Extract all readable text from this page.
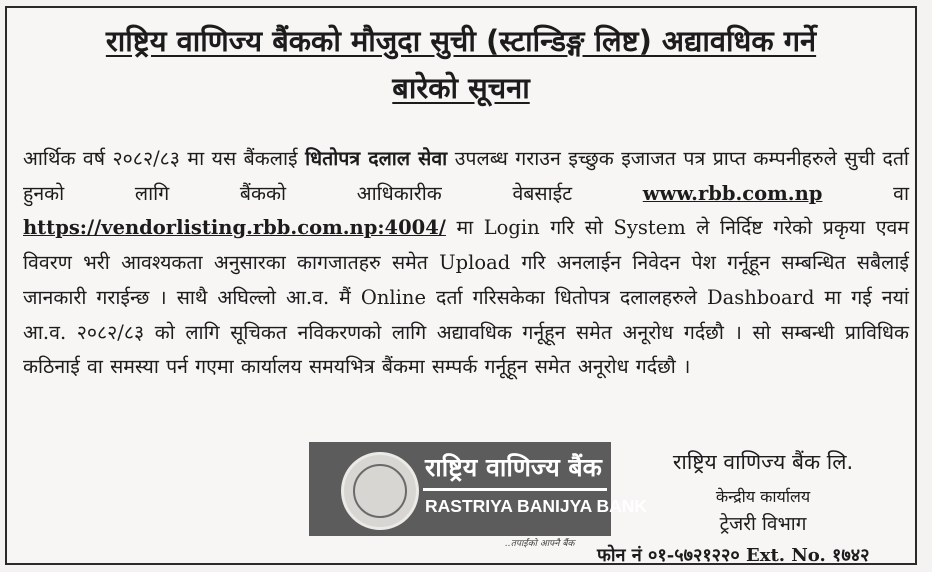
राष्ट्रिय वाणिज्य बैंकको मौजुदा सुची (स्टान्डिङ्ग लिष्ट) अद्यावधिक गर्ने
बारेको सूचना
आर्थिक वर्ष २०८२/८३ मा यस बैंकलाई धितोपत्र दलाल सेवा उपलब्ध गराउन इच्छुक इजाजत पत्र प्राप्त कम्पनीहरुले सुची दर्ता हुनको लागि बैंकको आधिकारीक वेबसाईट www.rbb.com.np वा https://vendorlisting.rbb.com.np:4004/ मा Login गरि सो System ले निर्दिष्ट गरेको प्रकृया एवम विवरण भरी आवश्यकता अनुसारका कागजातहरु समेत Upload गरि अनलाईन निवेदन पेश गर्नूहून सम्बन्धित सबैलाई जानकारी गराईन्छ । साथै अघिल्लो आ.व. मैं Online दर्ता गरिसकेका धितोपत्र दलालहरुले Dashboard मा गई नयां आ.व. २०८२/८३ को लागि सूचिकत नविकरणको लागि अद्यावधिक गर्नूहून समेत अनूरोध गर्दछौ । सो सम्बन्धी प्राविधिक कठिनाई वा समस्या पर्न गएमा कार्यालय समयभित्र बैंकमा सम्पर्क गर्नूहून समेत अनूरोध गर्दछौ ।
राष्ट्रिय वाणिज्य बैंक
RASTRIYA BANIJYA BANK
..तपाईंको आफ्नै बैंक
राष्ट्रिय वाणिज्य बैंक लि.
केन्द्रीय कार्यालय
ट्रेजरी विभाग
फोन नं ०१-५७२१२२० Ext. No. १७४२
